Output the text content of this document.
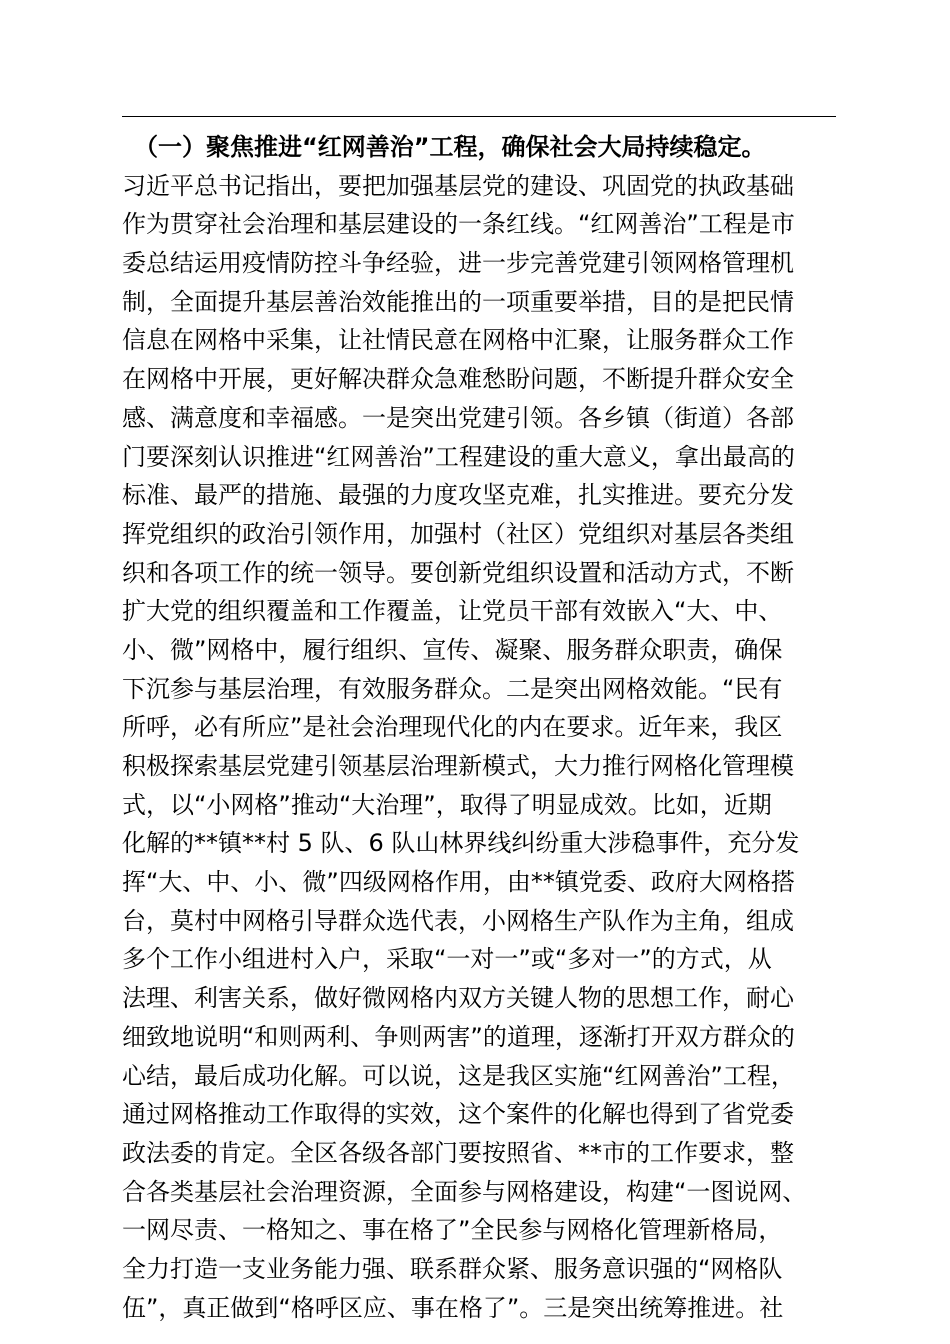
　（一）聚焦推进“红网善治”工程，确保社会大局持续稳定。
习近平总书记指出，要把加强基层党的建设、巩固党的执政基础
作为贯穿社会治理和基层建设的一条红线。“红网善治”工程是市
委总结运用疫情防控斗争经验，进一步完善党建引领网格管理机
制，全面提升基层善治效能推出的一项重要举措，目的是把民情
信息在网格中采集，让社情民意在网格中汇聚，让服务群众工作
在网格中开展，更好解决群众急难愁盼问题，不断提升群众安全
感、满意度和幸福感。一是突出党建引领。各乡镇（街道）各部
门要深刻认识推进“红网善治”工程建设的重大意义，拿出最高的
标准、最严的措施、最强的力度攻坚克难，扎实推进。要充分发
挥党组织的政治引领作用，加强村（社区）党组织对基层各类组
织和各项工作的统一领导。要创新党组织设置和活动方式，不断
扩大党的组织覆盖和工作覆盖，让党员干部有效嵌入“大、中、
小、微”网格中，履行组织、宣传、凝聚、服务群众职责，确保
下沉参与基层治理，有效服务群众。二是突出网格效能。“民有
所呼，必有所应”是社会治理现代化的内在要求。近年来，我区
积极探索基层党建引领基层治理新模式，大力推行网格化管理模
式，以“小网格”推动“大治理”，取得了明显成效。比如，近期
化解的**镇**村 5 队、6 队山林界线纠纷重大涉稳事件，充分发
挥“大、中、小、微”四级网格作用，由**镇党委、政府大网格搭
台，莫村中网格引导群众选代表，小网格生产队作为主角，组成
多个工作小组进村入户，采取“一对一”或“多对一”的方式，从
法理、利害关系，做好微网格内双方关键人物的思想工作，耐心
细致地说明“和则两利、争则两害”的道理，逐渐打开双方群众的
心结，最后成功化解。可以说，这是我区实施“红网善治”工程，
通过网格推动工作取得的实效，这个案件的化解也得到了省党委
政法委的肯定。全区各级各部门要按照省、**市的工作要求，整
合各类基层社会治理资源，全面参与网格建设，构建“一图说网、
一网尽责、一格知之、事在格了”全民参与网格化管理新格局，
全力打造一支业务能力强、联系群众紧、服务意识强的“网格队
伍”，真正做到“格呼区应、事在格了”。三是突出统筹推进。社
